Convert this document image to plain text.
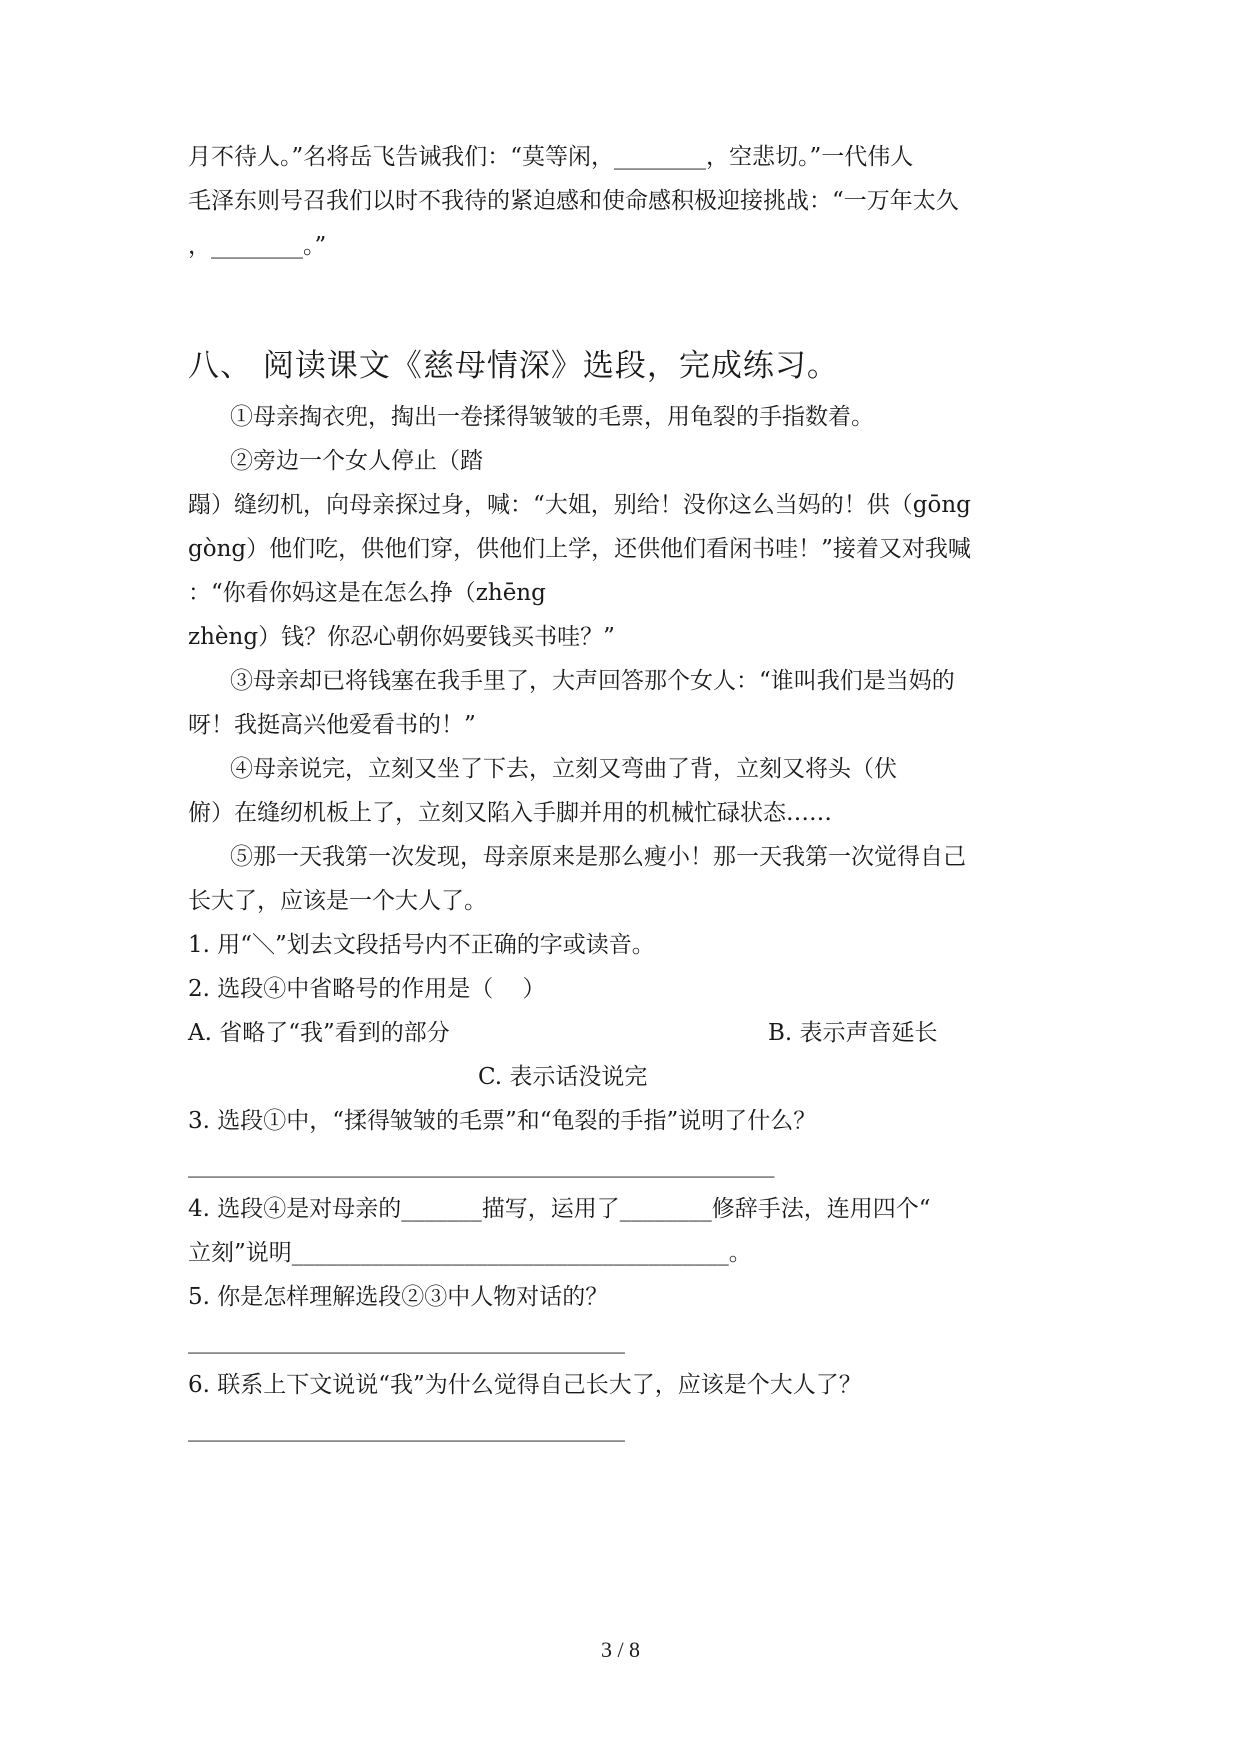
月不待人。”名将岳飞告诫我们：“莫等闲，________，空悲切。”一代伟人
毛泽东则号召我们以时不我待的紧迫感和使命感积极迎接挑战：“一万年太久
，________。”
八、 阅读课文《慈母情深》选段，完成练习。
①母亲掏衣兜，掏出一卷揉得皱皱的毛票，用龟裂的手指数着。
②旁边一个女人停止（踏
蹋）缝纫机，向母亲探过身，喊：“大姐，别给！没你这么当妈的！供（gōng
gòng）他们吃，供他们穿，供他们上学，还供他们看闲书哇！”接着又对我喊
：“你看你妈这是在怎么挣（zhēng
zhèng）钱？你忍心朝你妈要钱买书哇？”
③母亲却已将钱塞在我手里了，大声回答那个女人：“谁叫我们是当妈的
呀！我挺高兴他爱看书的！”
④母亲说完，立刻又坐了下去，立刻又弯曲了背，立刻又将头（伏
俯）在缝纫机板上了，立刻又陷入手脚并用的机械忙碌状态……
⑤那一天我第一次发现，母亲原来是那么瘦小！那一天我第一次觉得自己
长大了，应该是一个大人了。
1. 用“＼”划去文段括号内不正确的字或读音。
2. 选段④中省略号的作用是（    ）
A. 省略了“我”看到的部分	B. 表示声音延长
C. 表示话没说完
3. 选段①中，“揉得皱皱的毛票”和“龟裂的手指”说明了什么？
___________________________________________________
4. 选段④是对母亲的_______描写，运用了________修辞手法，连用四个“
立刻”说明______________________________________。
5. 你是怎样理解选段②③中人物对话的？
______________________________________
6. 联系上下文说说“我”为什么觉得自己长大了，应该是个大人了？
______________________________________
3 / 8
